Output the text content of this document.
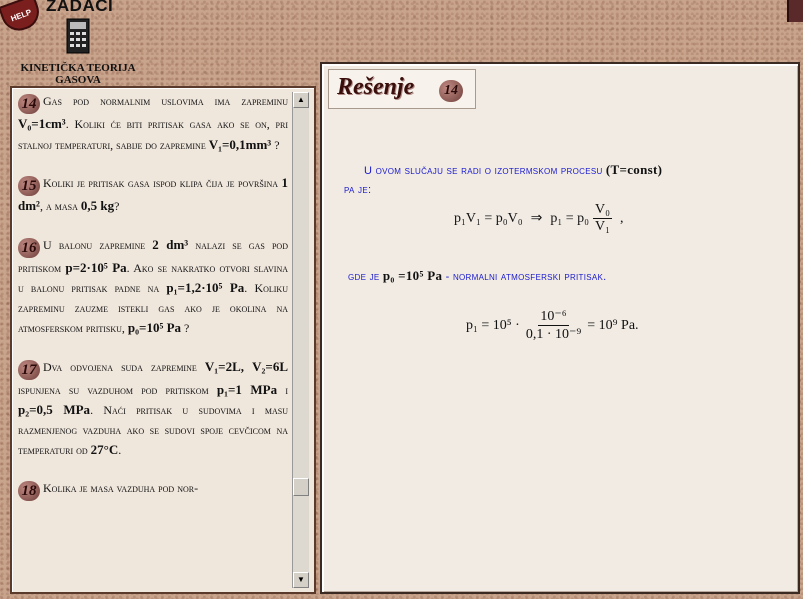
HELP ZADACI
KINETIČKA TEORIJA GASOVA
14 Gas pod normalnim uslovima ima zapreminu V₀=1cm³. Koliki će biti pritisak gasa ako se on, pri stalnoj temperaturi, sabije do zapremine V₁=0,1mm³ ?
15 Koliki je pritisak gasa ispod klipa čija je površina 1 dm², a masa 0,5 kg?
16 U balonu zapremine 2 dm³ nalazi se gas pod pritiskom p=2·10⁵ Pa. Ako se nakratko otvori slavina u balonu pritisak padne na p₁=1,2·10⁵ Pa. Koliku zapreminu zauzme istekli gas ako je okolina na atmosferskom pritisku, p₀=10⁵ Pa ?
17 Dva odvojena suda zapremine V₁=2L, V₂=6L ispunjena su vazduhom pod pritiskom p₁=1 MPa i p₂=0,5 MPa. Naći pritisak u sudovima i masu razmenjenog vazduha ako se sudovi spoje cevčicom na temperaturi od 27°C.
18 Kolika je masa vazduha pod nor-
▲
▼
Rešenje	14
U ovom slučaju se radi o izotermskom procesu (T=const)
pa je:
p₁V₁ = p₀V₀ ⇒ $p_1 = p_0 \frac{\text{V₀}}{\text{V₁}}$ ,
gde je p₀ =10⁵ Pa - normalni atmosferski pritisak.
$p_1 = 10^5 \cdot \frac{\text{10⁻⁶}}{\text{0,1 · 10⁻⁹}} = 10^9$ Pa.
